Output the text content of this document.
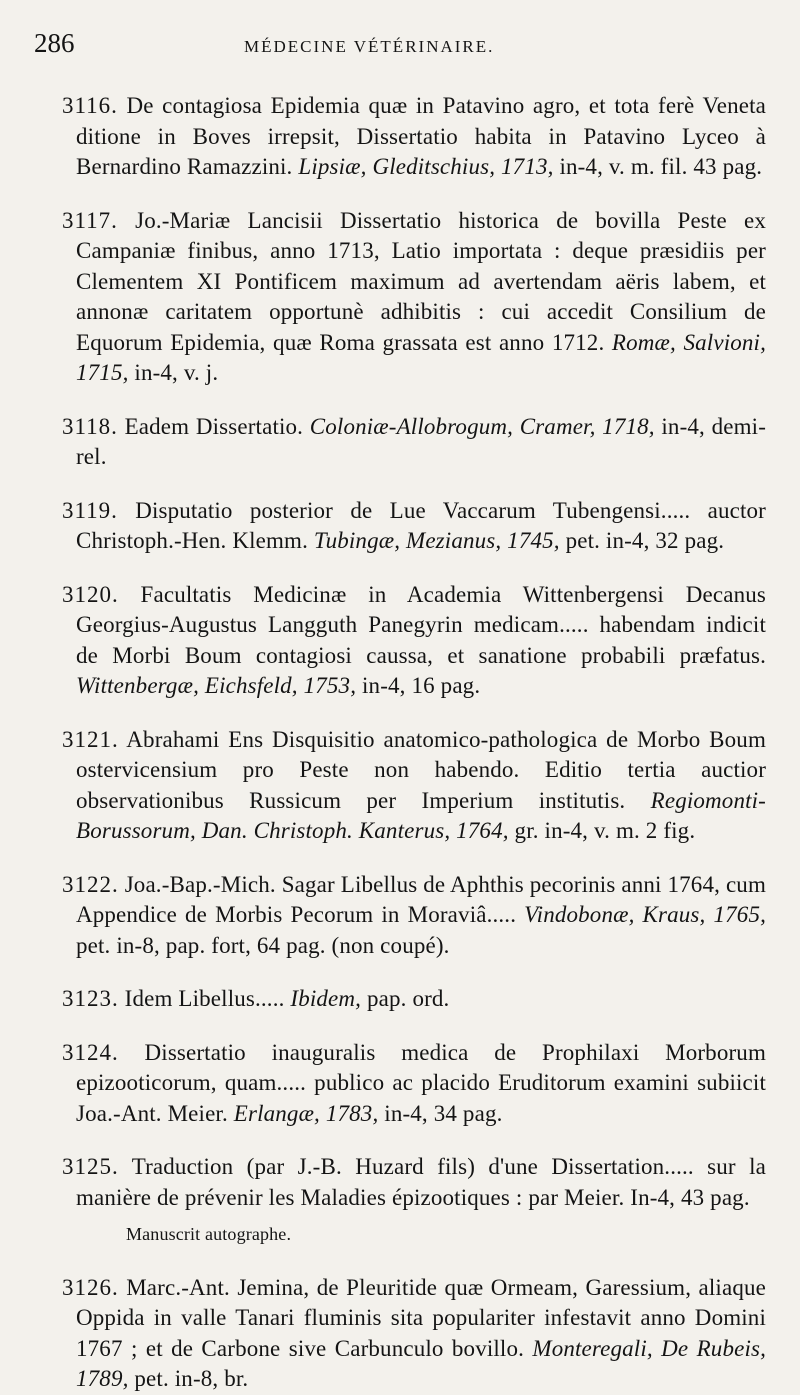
286	MÉDECINE VÉTÉRINAIRE.

3116. De contagiosa Epidemia quæ in Patavino agro, et tota ferè Veneta ditione in Boves irrepsit, Dissertatio habita in Patavino Lyceo à Bernardino Ramazzini. Lipsiæ, Gleditschius, 1713, in-4, v. m. fil. 43 pag.

3117. Jo.-Mariæ Lancisii Dissertatio historica de bovilla Peste ex Campaniæ finibus, anno 1713, Latio importata : deque præsidiis per Clementem XI Pontificem maximum ad avertendam aëris labem, et annonæ caritatem opportunè adhibitis : cui accedit Consilium de Equorum Epidemia, quæ Roma grassata est anno 1712. Romæ, Salvioni, 1715, in-4, v. j.

3118. Eadem Dissertatio. Coloniæ-Allobrogum, Cramer, 1718, in-4, demi-rel.

3119. Disputatio posterior de Lue Vaccarum Tubengensi..... auctor Christoph.-Hen. Klemm. Tubingæ, Mezianus, 1745, pet. in-4, 32 pag.

3120. Facultatis Medicinæ in Academia Wittenbergensi Decanus Georgius-Augustus Langguth Panegyrin medicam..... habendam indicit de Morbi Boum contagiosi caussa, et sanatione probabili præfatus. Wittenbergæ, Eichsfeld, 1753, in-4, 16 pag.

3121. Abrahami Ens Disquisitio anatomico-pathologica de Morbo Boum ostervicensium pro Peste non habendo. Editio tertia auctior observationibus Russicum per Imperium institutis. Regiomonti-Borussorum, Dan. Christoph. Kanterus, 1764, gr. in-4, v. m. 2 fig.

3122. Joa.-Bap.-Mich. Sagar Libellus de Aphthis pecorinis anni 1764, cum Appendice de Morbis Pecorum in Moraviâ..... Vindobonæ, Kraus, 1765, pet. in-8, pap. fort, 64 pag. (non coupé).

3123. Idem Libellus..... Ibidem, pap. ord.

3124. Dissertatio inauguralis medica de Prophilaxi Morborum epizooticorum, quam..... publico ac placido Eruditorum examini subiicit Joa.-Ant. Meier. Erlangæ, 1783, in-4, 34 pag.

3125. Traduction (par J.-B. Huzard fils) d'une Dissertation..... sur la manière de prévenir les Maladies épizootiques : par Meier. In-4, 43 pag.
Manuscrit autographe.

3126. Marc.-Ant. Jemina, de Pleuritide quæ Ormeam, Garessium, aliaque Oppida in valle Tanari fluminis sita populariter infestavit anno Domini 1767 ; et de Carbone sive Carbunculo bovillo. Monteregali, De Rubeis, 1789, pet. in-8, br.
